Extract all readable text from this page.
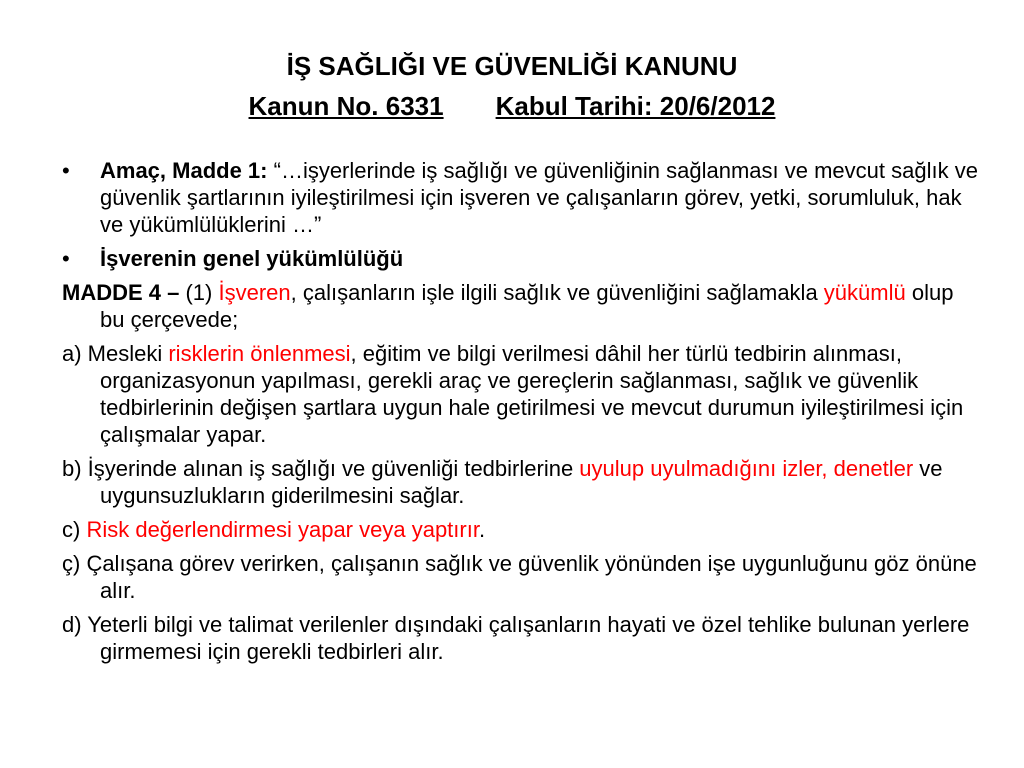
İŞ SAĞLIĞI VE GÜVENLİĞİ KANUNU
Kanun No. 6331 Kabul Tarihi: 20/6/2012
•	Amaç, Madde 1: “…işyerlerinde iş sağlığı ve güvenliğinin sağlanması ve mevcut sağlık ve güvenlik şartlarının iyileştirilmesi için işveren ve çalışanların görev, yetki, sorumluluk, hak ve yükümlülüklerini …”
•	İşverenin genel yükümlülüğü
MADDE 4 – (1) İşveren, çalışanların işle ilgili sağlık ve güvenliğini sağlamakla yükümlü olup bu çerçevede;
a) Mesleki risklerin önlenmesi, eğitim ve bilgi verilmesi dâhil her türlü tedbirin alınması, organizasyonun yapılması, gerekli araç ve gereçlerin sağlanması, sağlık ve güvenlik tedbirlerinin değişen şartlara uygun hale getirilmesi ve mevcut durumun iyileştirilmesi için çalışmalar yapar.
b) İşyerinde alınan iş sağlığı ve güvenliği tedbirlerine uyulup uyulmadığını izler, denetler ve uygunsuzlukların giderilmesini sağlar.
c) Risk değerlendirmesi yapar veya yaptırır.
ç) Çalışana görev verirken, çalışanın sağlık ve güvenlik yönünden işe uygunluğunu göz önüne alır.
d) Yeterli bilgi ve talimat verilenler dışındaki çalışanların hayati ve özel tehlike bulunan yerlere girmemesi için gerekli tedbirleri alır.
